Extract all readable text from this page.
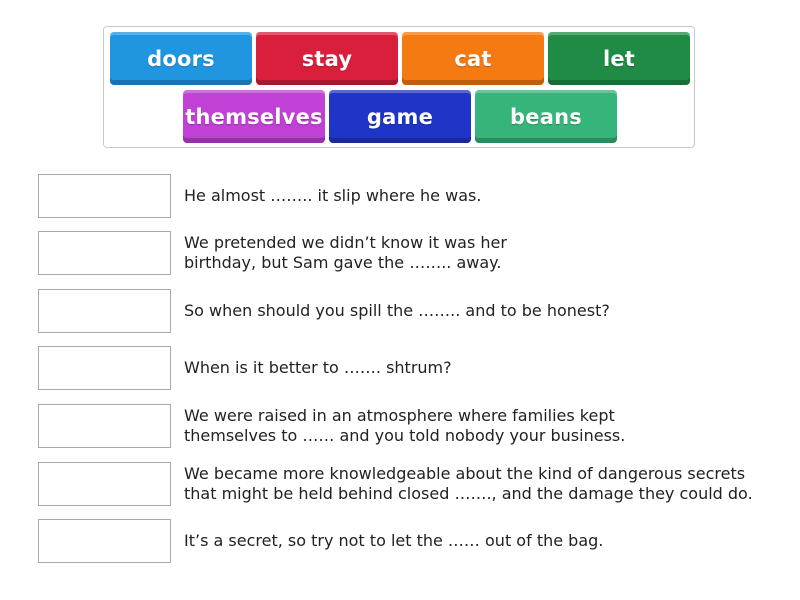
doors	stay	cat	let
themselves	game	beans
He almost …….. it slip where he was.
We pretended we didn’t know it was her
birthday, but Sam gave the …….. away.
So when should you spill the …….. and to be honest?
When is it better to ……. shtrum?
We were raised in an atmosphere where families kept
themselves to …… and you told nobody your business.
We became more knowledgeable about the kind of dangerous secrets
that might be held behind closed ……., and the damage they could do.
It’s a secret, so try not to let the …… out of the bag.
